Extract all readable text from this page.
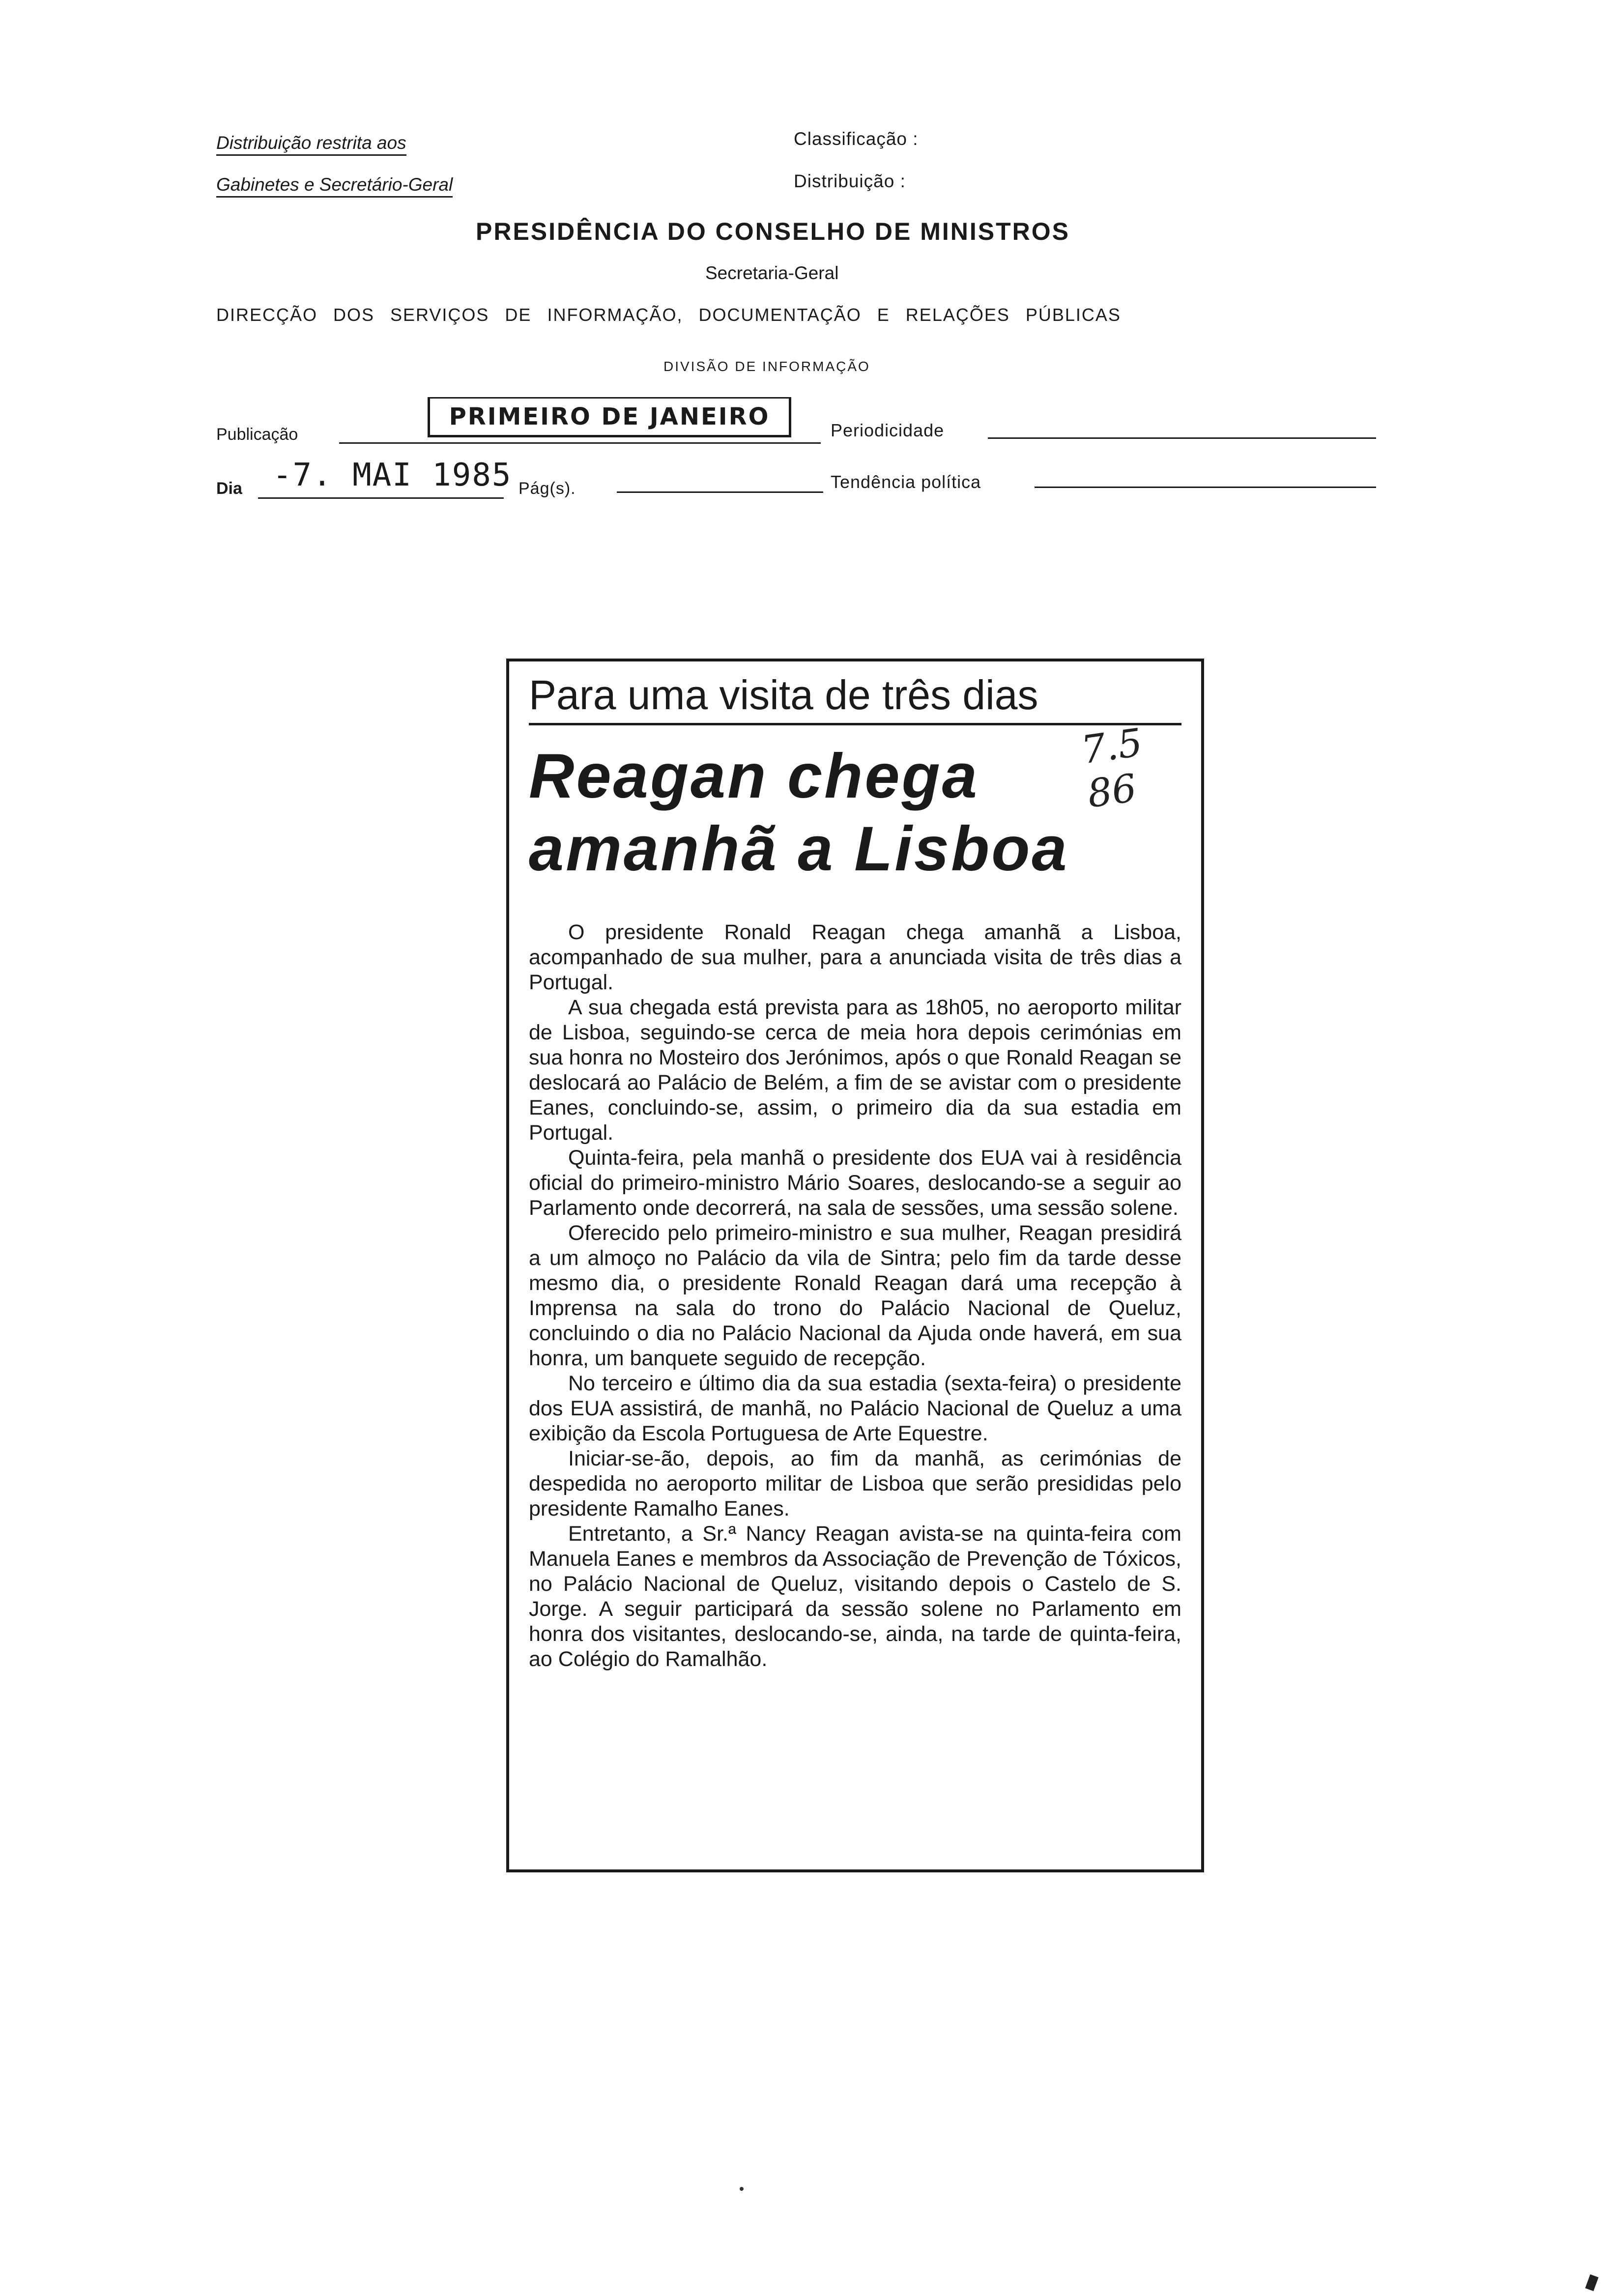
Distribuição restrita aos
Gabinetes e Secretário-Geral
Classificação :
Distribuição :
PRESIDÊNCIA DO CONSELHO DE MINISTROS
Secretaria-Geral
DIRECÇÃO DOS SERVIÇOS DE INFORMAÇÃO, DOCUMENTAÇÃO E RELAÇÕES PÚBLICAS
DIVISÃO DE INFORMAÇÃO
Publicação
PRIMEIRO DE JANEIRO	Periodicidade
Dia -7. MAI 1985 Pág(s).	Tendência política
Para uma visita de três dias
Reagan chega
amanhã a Lisboa

O presidente Ronald Reagan chega amanhã a Lisboa, acompanhado de sua mulher, para a anunciada visita de três dias a Portugal.

A sua chegada está prevista para as 18h05, no aeroporto militar de Lisboa, seguindo-se cerca de meia hora depois cerimónias em sua honra no Mosteiro dos Jerónimos, após o que Ronald Reagan se deslocará ao Palácio de Belém, a fim de se avistar com o presidente Eanes, concluindo-se, assim, o primeiro dia da sua estadia em Portugal.

Quinta-feira, pela manhã o presidente dos EUA vai à residência oficial do primeiro-ministro Mário Soares, deslocando-se a seguir ao Parlamento onde decorrerá, na sala de sessões, uma sessão solene.

Oferecido pelo primeiro-ministro e sua mulher, Reagan presidirá a um almoço no Palácio da vila de Sintra; pelo fim da tarde desse mesmo dia, o presidente Ronald Reagan dará uma recepção à Imprensa na sala do trono do Palácio Nacional de Queluz, concluindo o dia no Palácio Nacional da Ajuda onde haverá, em sua honra, um banquete seguido de recepção.

No terceiro e último dia da sua estadia (sexta-feira) o presidente dos EUA assistirá, de manhã, no Palácio Nacional de Queluz a uma exibição da Escola Portuguesa de Arte Equestre.

Iniciar-se-ão, depois, ao fim da manhã, as cerimónias de despedida no aeroporto militar de Lisboa que serão presididas pelo presidente Ramalho Eanes.

Entretanto, a Sr.ª Nancy Reagan avista-se na quinta-feira com Manuela Eanes e membros da Associação de Prevenção de Tóxicos, no Palácio Nacional de Queluz, visitando depois o Castelo de S. Jorge. A seguir participará da sessão solene no Parlamento em honra dos visitantes, deslocando-se, ainda, na tarde de quinta-feira, ao Colégio do Ramalhão.

7.5 86
